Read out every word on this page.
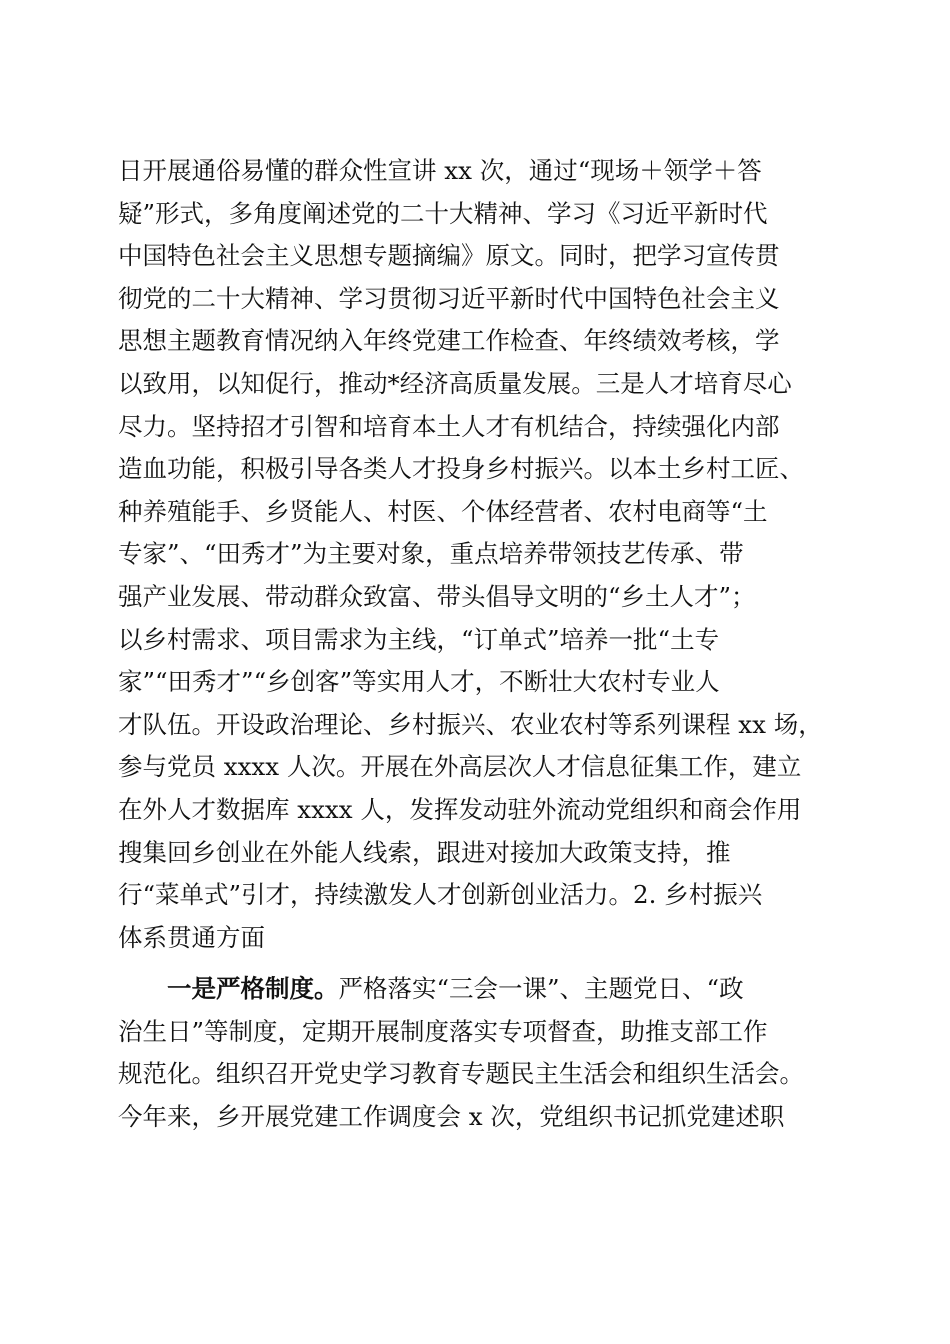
日开展通俗易懂的群众性宣讲 xx 次，通过“现场＋领学＋答
疑”形式，多角度阐述党的二十大精神、学习《习近平新时代
中国特色社会主义思想专题摘编》原文。同时，把学习宣传贯
彻党的二十大精神、学习贯彻习近平新时代中国特色社会主义
思想主题教育情况纳入年终党建工作检查、年终绩效考核，学
以致用，以知促行，推动*经济高质量发展。三是人才培育尽心
尽力。坚持招才引智和培育本土人才有机结合，持续强化内部
造血功能，积极引导各类人才投身乡村振兴。以本土乡村工匠、
种养殖能手、乡贤能人、村医、个体经营者、农村电商等“土
专家”、“田秀才”为主要对象，重点培养带领技艺传承、带
强产业发展、带动群众致富、带头倡导文明的“乡土人才”；
以乡村需求、项目需求为主线，“订单式”培养一批“土专
家”“田秀才”“乡创客”等实用人才，不断壮大农村专业人
才队伍。开设政治理论、乡村振兴、农业农村等系列课程 xx 场，
参与党员 xxxx 人次。开展在外高层次人才信息征集工作，建立
在外人才数据库 xxxx 人，发挥发动驻外流动党组织和商会作用
搜集回乡创业在外能人线索，跟进对接加大政策支持，推
行“菜单式”引才，持续激发人才创新创业活力。2. 乡村振兴
体系贯通方面
一是严格制度。严格落实“三会一课”、主题党日、“政
治生日”等制度，定期开展制度落实专项督查，助推支部工作
规范化。组织召开党史学习教育专题民主生活会和组织生活会。
今年来，乡开展党建工作调度会 x 次，党组织书记抓党建述职
